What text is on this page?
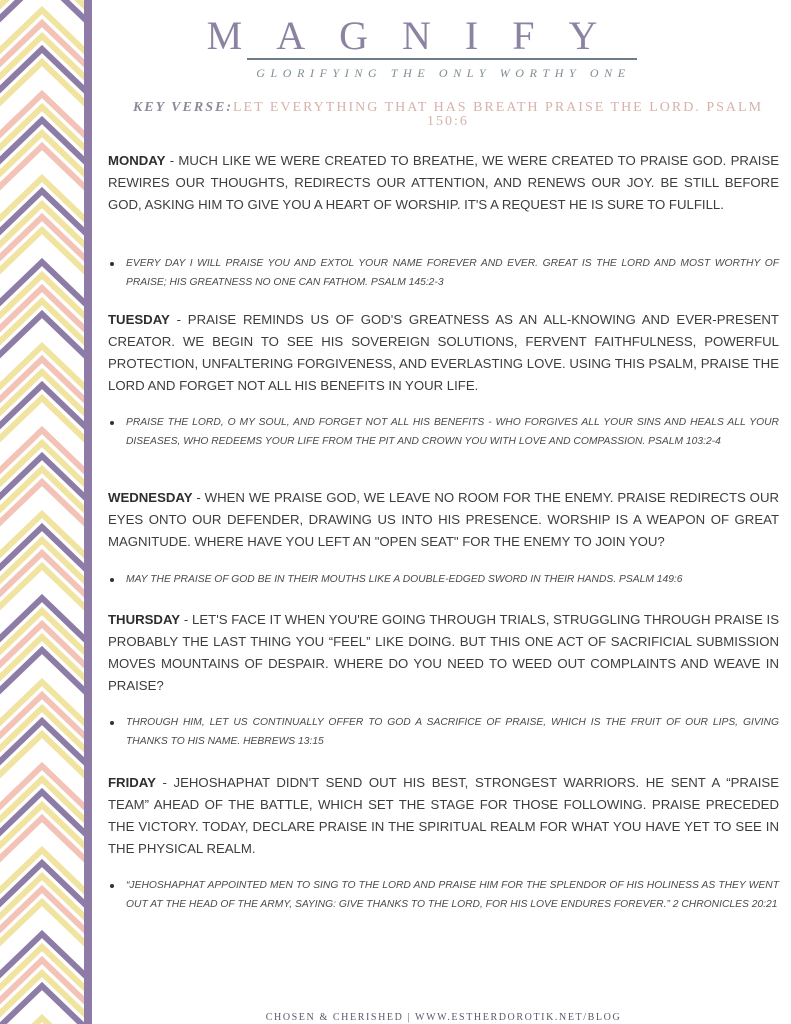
MAGNIFY
GLORIFYING THE ONLY WORTHY ONE
KEY VERSE:LET EVERYTHING THAT HAS BREATH PRAISE THE LORD. PSALM 150:6

MONDAY - MUCH LIKE WE WERE CREATED TO BREATHE, WE WERE CREATED TO PRAISE GOD. PRAISE REWIRES OUR THOUGHTS, REDIRECTS OUR ATTENTION, AND RENEWS OUR JOY. BE STILL BEFORE GOD, ASKING HIM TO GIVE YOU A HEART OF WORSHIP. IT'S A REQUEST HE IS SURE TO FULFILL.

EVERY DAY I WILL PRAISE YOU AND EXTOL YOUR NAME FOREVER AND EVER. GREAT IS THE LORD AND MOST WORTHY OF PRAISE; HIS GREATNESS NO ONE CAN FATHOM. PSALM 145:2-3

TUESDAY - PRAISE REMINDS US OF GOD'S GREATNESS AS AN ALL-KNOWING AND EVER-PRESENT CREATOR. WE BEGIN TO SEE HIS SOVEREIGN SOLUTIONS, FERVENT FAITHFULNESS, POWERFUL PROTECTION, UNFALTERING FORGIVENESS, AND EVERLASTING LOVE. USING THIS PSALM, PRAISE THE LORD AND FORGET NOT ALL HIS BENEFITS IN YOUR LIFE.

PRAISE THE LORD, O MY SOUL, AND FORGET NOT ALL HIS BENEFITS - WHO FORGIVES ALL YOUR SINS AND HEALS ALL YOUR DISEASES, WHO REDEEMS YOUR LIFE FROM THE PIT AND CROWN YOU WITH LOVE AND COMPASSION. PSALM 103:2-4

WEDNESDAY - WHEN WE PRAISE GOD, WE LEAVE NO ROOM FOR THE ENEMY. PRAISE REDIRECTS OUR EYES ONTO OUR DEFENDER, DRAWING US INTO HIS PRESENCE. WORSHIP IS A WEAPON OF GREAT MAGNITUDE. WHERE HAVE YOU LEFT AN "OPEN SEAT" FOR THE ENEMY TO JOIN YOU?

MAY THE PRAISE OF GOD BE IN THEIR MOUTHS LIKE A DOUBLE-EDGED SWORD IN THEIR HANDS. PSALM 149:6

THURSDAY - LET'S FACE IT WHEN YOU'RE GOING THROUGH TRIALS, STRUGGLING THROUGH PRAISE IS PROBABLY THE LAST THING YOU “FEEL” LIKE DOING. BUT THIS ONE ACT OF SACRIFICIAL SUBMISSION MOVES MOUNTAINS OF DESPAIR. WHERE DO YOU NEED TO WEED OUT COMPLAINTS AND WEAVE IN PRAISE?

THROUGH HIM, LET US CONTINUALLY OFFER TO GOD A SACRIFICE OF PRAISE, WHICH IS THE FRUIT OF OUR LIPS, GIVING THANKS TO HIS NAME. HEBREWS 13:15

FRIDAY - JEHOSHAPHAT DIDN'T SEND OUT HIS BEST, STRONGEST WARRIORS. HE SENT A “PRAISE TEAM” AHEAD OF THE BATTLE, WHICH SET THE STAGE FOR THOSE FOLLOWING. PRAISE PRECEDED THE VICTORY. TODAY, DECLARE PRAISE IN THE SPIRITUAL REALM FOR WHAT YOU HAVE YET TO SEE IN THE PHYSICAL REALM.

“JEHOSHAPHAT APPOINTED MEN TO SING TO THE LORD AND PRAISE HIM FOR THE SPLENDOR OF HIS HOLINESS AS THEY WENT OUT AT THE HEAD OF THE ARMY, SAYING: GIVE THANKS TO THE LORD, FOR HIS LOVE ENDURES FOREVER.” 2 CHRONICLES 20:21
CHOSEN & CHERISHED | WWW.ESTHERDOROTIK.NET/BLOG
